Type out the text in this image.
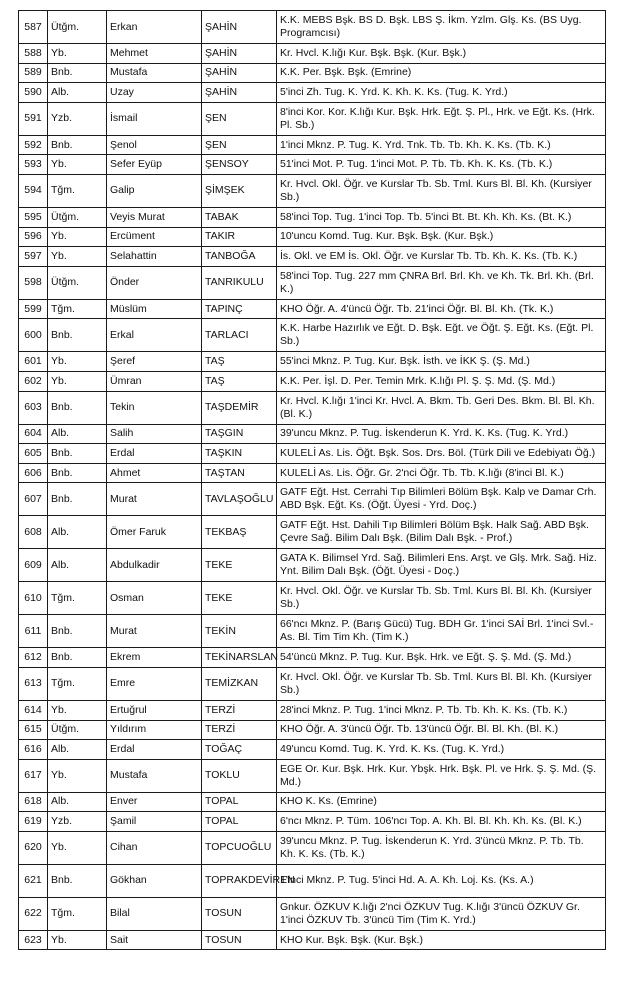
587	Ütğm.	Erkan	ŞAHİN	K.K. MEBS Bşk. BS D. Bşk. LBS Ş. İkm. Yzlm. Glş. Ks. (BS Uyg. Programcısı)
588	Yb.	Mehmet	ŞAHİN	Kr. Hvcl. K.lığı Kur. Bşk. Bşk. (Kur. Bşk.)
589	Bnb.	Mustafa	ŞAHİN	K.K. Per. Bşk. Bşk. (Emrine)
590	Alb.	Uzay	ŞAHİN	5'inci Zh. Tug. K. Yrd. K. Kh. K. Ks. (Tug. K. Yrd.)
591	Yzb.	İsmail	ŞEN	8'inci Kor. Kor. K.lığı Kur. Bşk. Hrk. Eğt. Ş. Pl., Hrk. ve Eğt. Ks. (Hrk. Pl. Sb.)
592	Bnb.	Şenol	ŞEN	1'inci Mknz. P. Tug. K. Yrd. Tnk. Tb. Tb. Kh. K. Ks. (Tb. K.)
593	Yb.	Sefer Eyüp	ŞENSOY	51'inci Mot. P. Tug. 1'inci Mot. P. Tb. Tb. Kh. K. Ks. (Tb. K.)
594	Tğm.	Galip	ŞİMŞEK	Kr. Hvcl. Okl. Öğr. ve Kurslar Tb. Sb. Tml. Kurs Bl. Bl. Kh. (Kursiyer Sb.)
595	Ütğm.	Veyis Murat	TABAK	58'inci Top. Tug. 1'inci Top. Tb. 5'inci Bt. Bt. Kh. Kh. Ks. (Bt. K.)
596	Yb.	Ercüment	TAKIR	10'uncu Komd. Tug. Kur. Bşk. Bşk. (Kur. Bşk.)
597	Yb.	Selahattin	TANBOĞA	İs. Okl. ve EM İs. Okl. Öğr. ve Kurslar Tb. Tb. Kh. K. Ks. (Tb. K.)
598	Ütğm.	Önder	TANRIKULU	58'inci Top. Tug. 227 mm ÇNRA Brl. Brl. Kh. ve Kh. Tk. Brl. Kh. (Brl. K.)
599	Tğm.	Müslüm	TAPINÇ	KHO Öğr. A. 4'üncü Öğr. Tb. 21'inci Öğr. Bl. Bl. Kh. (Tk. K.)
600	Bnb.	Erkal	TARLACI	K.K. Harbe Hazırlık ve Eğt. D. Bşk. Eğt. ve Öğt. Ş. Eğt. Ks. (Eğt. Pl. Sb.)
601	Yb.	Şeref	TAŞ	55'inci Mknz. P. Tug. Kur. Bşk. İsth. ve İKK Ş. (Ş. Md.)
602	Yb.	Ümran	TAŞ	K.K. Per. İşl. D. Per. Temin Mrk. K.lığı Pl. Ş. Ş. Md. (Ş. Md.)
603	Bnb.	Tekin	TAŞDEMİR	Kr. Hvcl. K.lığı 1'inci Kr. Hvcl. A. Bkm. Tb. Geri Des. Bkm. Bl. Bl. Kh. (Bl. K.)
604	Alb.	Salih	TAŞGIN	39'uncu Mknz. P. Tug. İskenderun K. Yrd. K. Ks. (Tug. K. Yrd.)
605	Bnb.	Erdal	TAŞKIN	KULELİ As. Lis. Öğt. Bşk. Sos. Drs. Böl. (Türk Dili ve Edebiyatı Öğ.)
606	Bnb.	Ahmet	TAŞTAN	KULELİ As. Lis. Öğr. Gr. 2'nci Öğr. Tb. Tb. K.lığı (8'inci Bl. K.)
607	Bnb.	Murat	TAVLAŞOĞLU	GATF Eğt. Hst. Cerrahi Tıp Bilimleri Bölüm Bşk. Kalp ve Damar Crh. ABD Bşk. Eğt. Ks. (Öğt. Üyesi - Yrd. Doç.)
608	Alb.	Ömer Faruk	TEKBAŞ	GATF Eğt. Hst. Dahili Tıp Bilimleri Bölüm Bşk. Halk Sağ. ABD Bşk. Çevre Sağ. Bilim Dalı Bşk. (Bilim Dalı Bşk. - Prof.)
609	Alb.	Abdulkadir	TEKE	GATA K. Bilimsel Yrd. Sağ. Bilimleri Ens. Arşt. ve Glş. Mrk. Sağ. Hiz. Ynt. Bilim Dalı Bşk. (Öğt. Üyesi - Doç.)
610	Tğm.	Osman	TEKE	Kr. Hvcl. Okl. Öğr. ve Kurslar Tb. Sb. Tml. Kurs Bl. Bl. Kh. (Kursiyer Sb.)
611	Bnb.	Murat	TEKİN	66'ncı Mknz. P. (Barış Gücü) Tug. BDH Gr. 1'inci SAİ Brl. 1'inci Svl.-As. Bl. Tim Tim Kh. (Tim K.)
612	Bnb.	Ekrem	TEKİNARSLAN	54'üncü Mknz. P. Tug. Kur. Bşk. Hrk. ve Eğt. Ş. Ş. Md. (Ş. Md.)
613	Tğm.	Emre	TEMİZKAN	Kr. Hvcl. Okl. Öğr. ve Kurslar Tb. Sb. Tml. Kurs Bl. Bl. Kh. (Kursiyer Sb.)
614	Yb.	Ertuğrul	TERZİ	28'inci Mknz. P. Tug. 1'inci Mknz. P. Tb. Tb. Kh. K. Ks. (Tb. K.)
615	Ütğm.	Yıldırım	TERZİ	KHO Öğr. A. 3'üncü Öğr. Tb. 13'üncü Öğr. Bl. Bl. Kh. (Bl. K.)
616	Alb.	Erdal	TOĞAÇ	49'uncu Komd. Tug. K. Yrd. K. Ks. (Tug. K. Yrd.)
617	Yb.	Mustafa	TOKLU	EGE Or. Kur. Bşk. Hrk. Kur. Ybşk. Hrk. Bşk. Pl. ve Hrk. Ş. Ş. Md. (Ş. Md.)
618	Alb.	Enver	TOPAL	KHO K. Ks. (Emrine)
619	Yzb.	Şamil	TOPAL	6'ncı Mknz. P. Tüm. 106'ncı Top. A. Kh. Bl. Bl. Kh. Kh. Ks. (Bl. K.)
620	Yb.	Cihan	TOPCUOĞLU	39'uncu Mknz. P. Tug. İskenderun K. Yrd. 3'üncü Mknz. P. Tb. Tb. Kh. K. Ks. (Tb. K.)
621	Bnb.	Gökhan	TOPRAKDEVİREN	1'inci Mknz. P. Tug. 5'inci Hd. A. A. Kh. Loj. Ks. (Ks. A.)
622	Tğm.	Bilal	TOSUN	Gnkur. ÖZKUV K.lığı 2'nci ÖZKUV Tug. K.lığı 3'üncü ÖZKUV Gr. 1'inci ÖZKUV Tb. 3'üncü Tim (Tim K. Yrd.)
623	Yb.	Sait	TOSUN	KHO Kur. Bşk. Bşk. (Kur. Bşk.)
